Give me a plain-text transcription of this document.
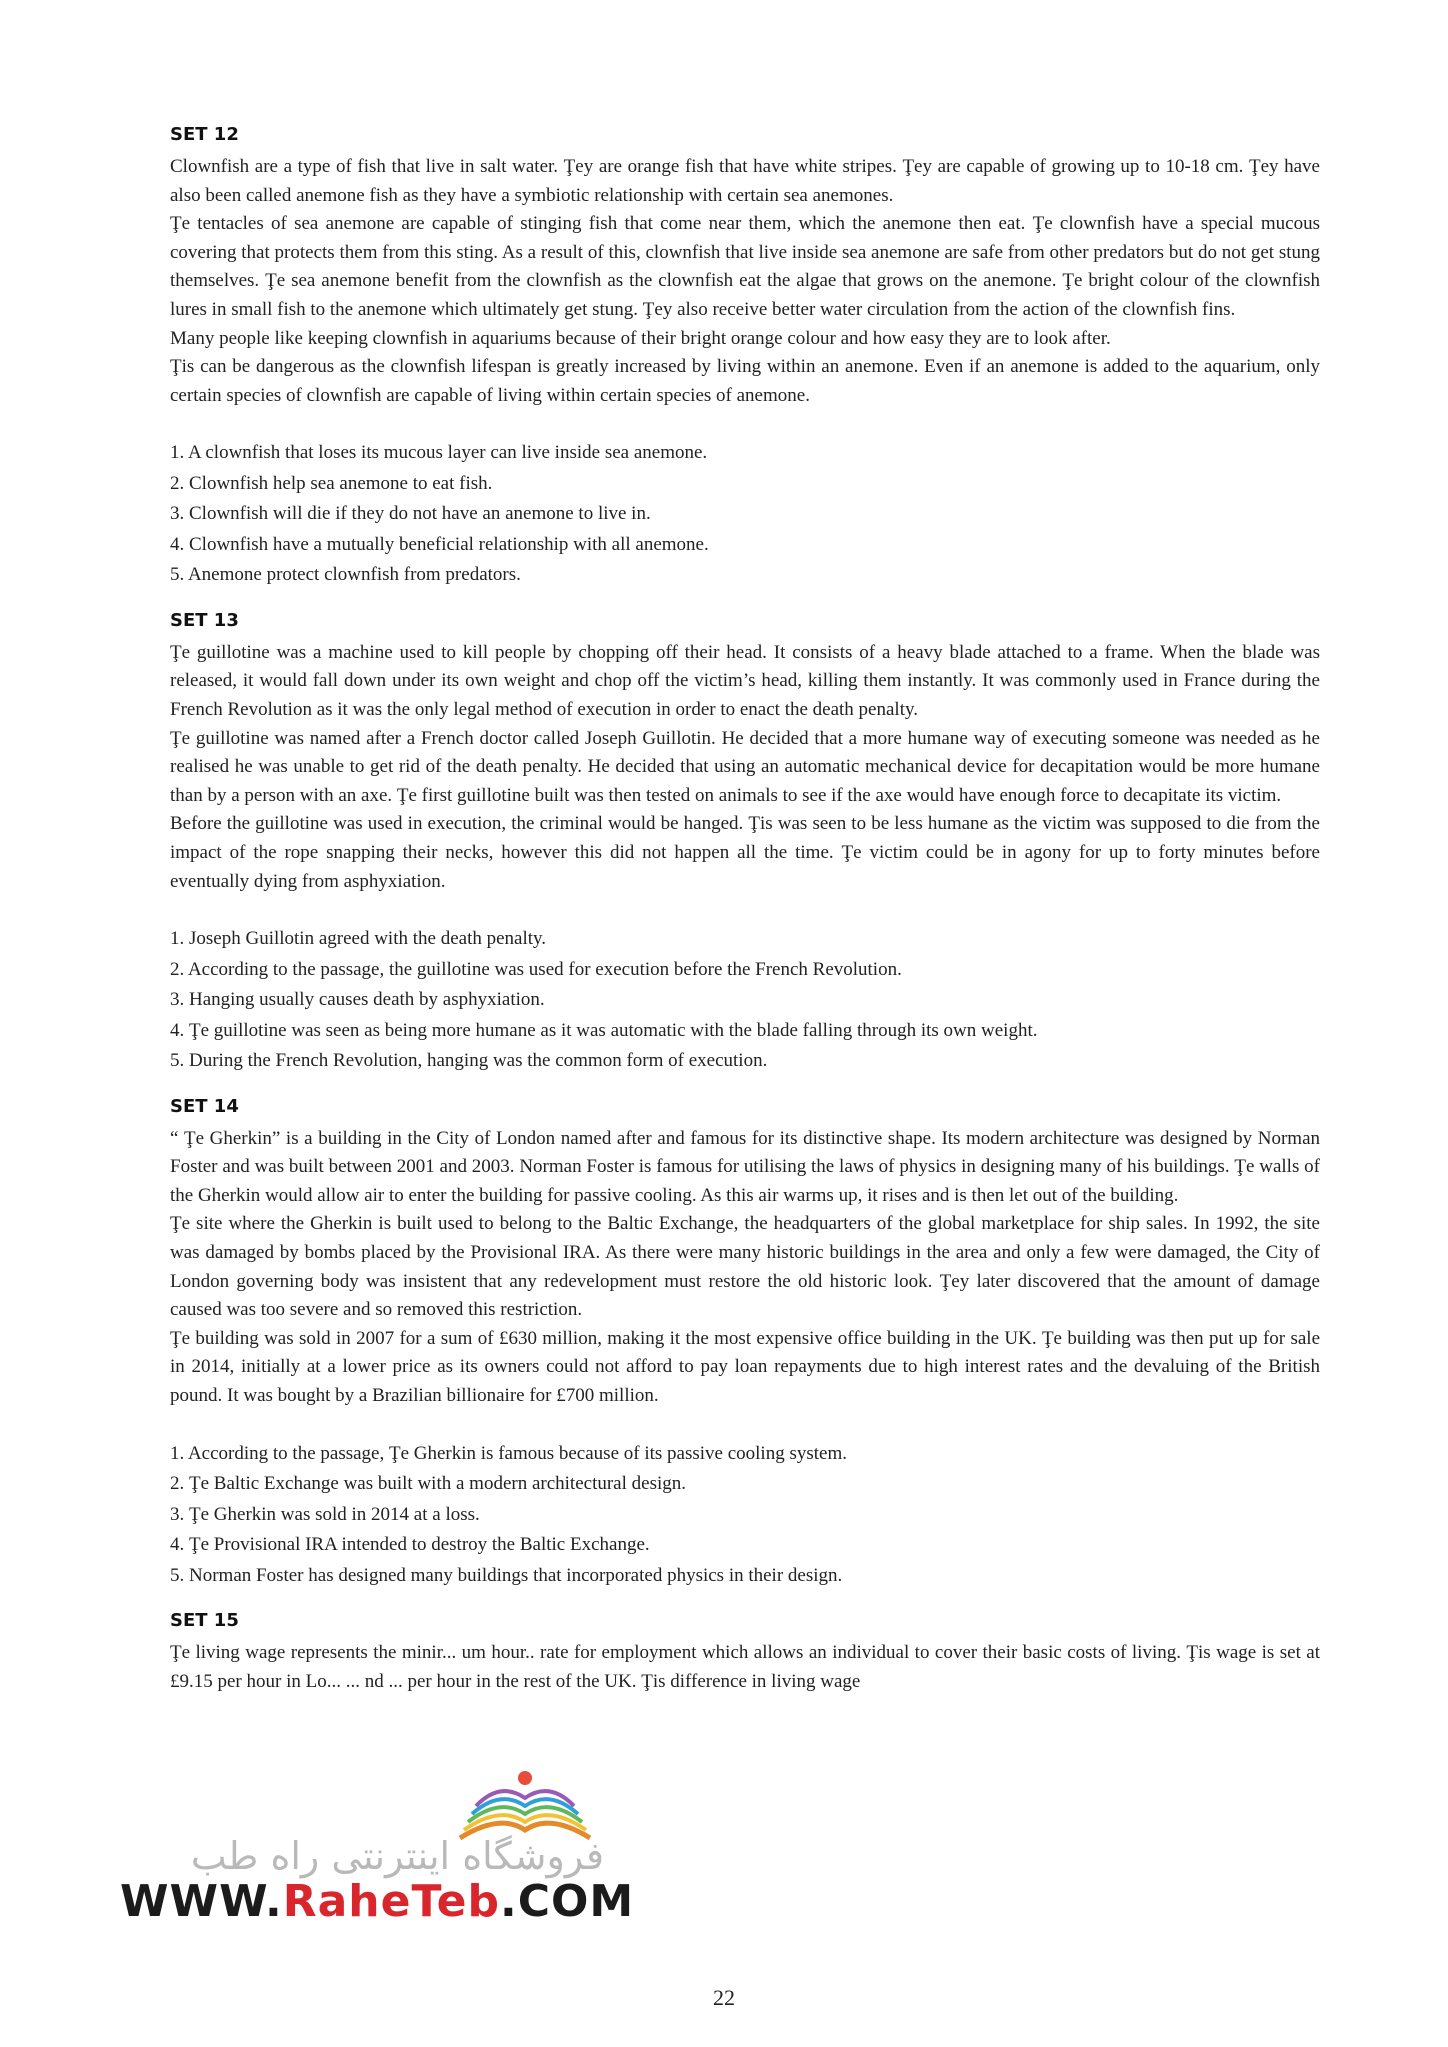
SET 12

Clownfish are a type of fish that live in salt water. Ţey are orange fish that have white stripes. Ţey are capable of growing up to 10-18 cm. Ţey have also been called anemone fish as they have a symbiotic relationship with certain sea anemones.

Ţe tentacles of sea anemone are capable of stinging fish that come near them, which the anemone then eat. Ţe clownfish have a special mucous covering that protects them from this sting. As a result of this, clownfish that live inside sea anemone are safe from other predators but do not get stung themselves. Ţe sea anemone benefit from the clownfish as the clownfish eat the algae that grows on the anemone. Ţe bright colour of the clownfish lures in small fish to the anemone which ultimately get stung. Ţey also receive better water circulation from the action of the clownfish fins.

Many people like keeping clownfish in aquariums because of their bright orange colour and how easy they are to look after.

Ţis can be dangerous as the clownfish lifespan is greatly increased by living within an anemone. Even if an anemone is added to the aquarium, only certain species of clownfish are capable of living within certain species of anemone.

1. A clownfish that loses its mucous layer can live inside sea anemone.
2. Clownfish help sea anemone to eat fish.
3. Clownfish will die if they do not have an anemone to live in.
4. Clownfish have a mutually beneficial relationship with all anemone.
5. Anemone protect clownfish from predators.
SET 13

Ţe guillotine was a machine used to kill people by chopping off their head. It consists of a heavy blade attached to a frame. When the blade was released, it would fall down under its own weight and chop off the victim’s head, killing them instantly. It was commonly used in France during the French Revolution as it was the only legal method of execution in order to enact the death penalty.

Ţe guillotine was named after a French doctor called Joseph Guillotin. He decided that a more humane way of executing someone was needed as he realised he was unable to get rid of the death penalty. He decided that using an automatic mechanical device for decapitation would be more humane than by a person with an axe. Ţe first guillotine built was then tested on animals to see if the axe would have enough force to decapitate its victim.

Before the guillotine was used in execution, the criminal would be hanged. Ţis was seen to be less humane as the victim was supposed to die from the impact of the rope snapping their necks, however this did not happen all the time. Ţe victim could be in agony for up to forty minutes before eventually dying from asphyxiation.

1. Joseph Guillotin agreed with the death penalty.
2. According to the passage, the guillotine was used for execution before the French Revolution.
3. Hanging usually causes death by asphyxiation.
4. Ţe guillotine was seen as being more humane as it was automatic with the blade falling through its own weight.
5. During the French Revolution, hanging was the common form of execution.
SET 14

“ Ţe Gherkin” is a building in the City of London named after and famous for its distinctive shape. Its modern architecture was designed by Norman Foster and was built between 2001 and 2003. Norman Foster is famous for utilising the laws of physics in designing many of his buildings. Ţe walls of the Gherkin would allow air to enter the building for passive cooling. As this air warms up, it rises and is then let out of the building.

Ţe site where the Gherkin is built used to belong to the Baltic Exchange, the headquarters of the global marketplace for ship sales. In 1992, the site was damaged by bombs placed by the Provisional IRA. As there were many historic buildings in the area and only a few were damaged, the City of London governing body was insistent that any redevelopment must restore the old historic look. Ţey later discovered that the amount of damage caused was too severe and so removed this restriction.

Ţe building was sold in 2007 for a sum of £630 million, making it the most expensive office building in the UK. Ţe building was then put up for sale in 2014, initially at a lower price as its owners could not afford to pay loan repayments due to high interest rates and the devaluing of the British pound. It was bought by a Brazilian billionaire for £700 million.

1. According to the passage, Ţe Gherkin is famous because of its passive cooling system.
2. Ţe Baltic Exchange was built with a modern architectural design.
3. Ţe Gherkin was sold in 2014 at a loss.
4. Ţe Provisional IRA intended to destroy the Baltic Exchange.
5. Norman Foster has designed many buildings that incorporated physics in their design.
SET 15

Ţe living wage represents the minir... um hour.. rate for employment which allows an individual to cover their basic costs of living. Ţis wage is set at £9.15 per hour in Lo... ... nd ... per hour in the rest of the UK. Ţis difference in living wage

فروشگاه اینترنتی راه طب
WWW.RaheTeb.COM
22
